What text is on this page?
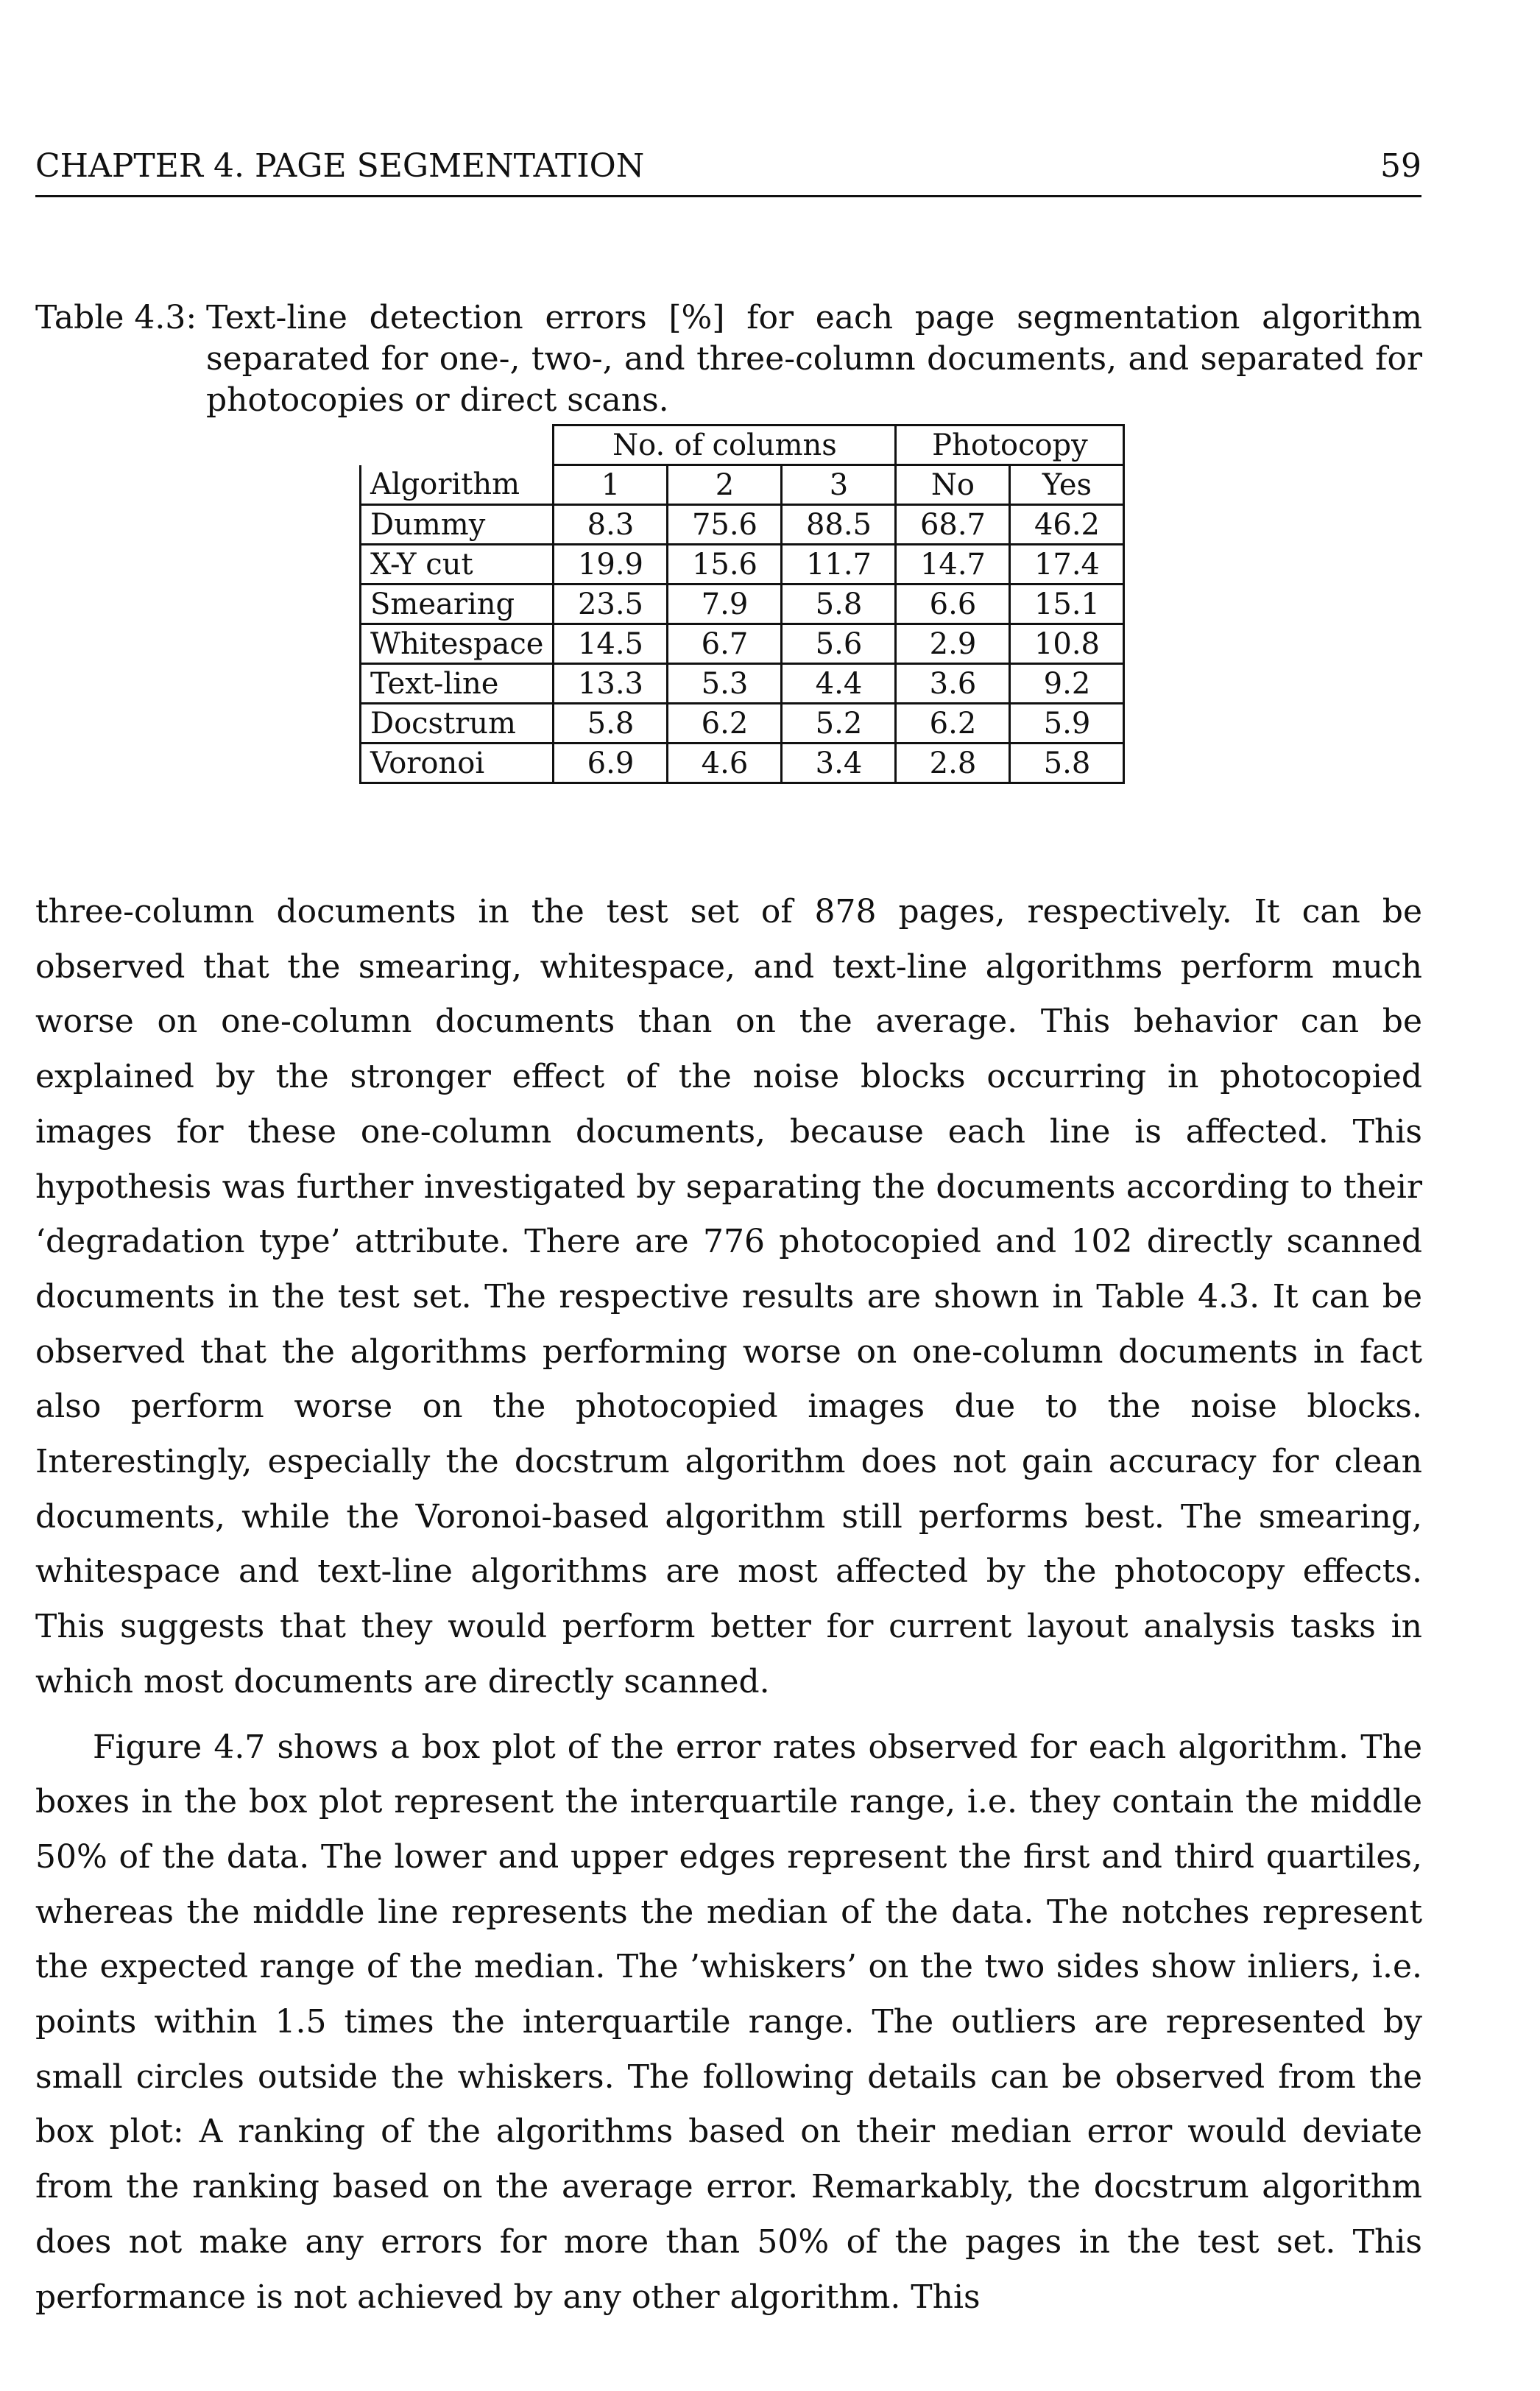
CHAPTER 4. PAGE SEGMENTATION	59
Table 4.3: Text-line detection errors [%] for each page segmentation algorithm separated for one-, two-, and three-column documents, and separated for photocopies or direct scans.
	No. of columns			Photocopy	
Algorithm	1	2	3	No	Yes
Dummy	8.3	75.6	88.5	68.7	46.2
X-Y cut	19.9	15.6	11.7	14.7	17.4
Smearing	23.5	7.9	5.8	6.6	15.1
Whitespace	14.5	6.7	5.6	2.9	10.8
Text-line	13.3	5.3	4.4	3.6	9.2
Docstrum	5.8	6.2	5.2	6.2	5.9
Voronoi	6.9	4.6	3.4	2.8	5.8

three-column documents in the test set of 878 pages, respectively. It can be observed that the smearing, whitespace, and text-line algorithms perform much worse on one-column documents than on the average. This behavior can be explained by the stronger effect of the noise blocks occurring in photocopied images for these one-column documents, because each line is affected. This hypothesis was further investigated by separating the documents according to their ‘degradation type’ attribute. There are 776 photocopied and 102 directly scanned documents in the test set. The respective results are shown in Table 4.3. It can be observed that the algorithms performing worse on one-column documents in fact also perform worse on the photocopied images due to the noise blocks. Interestingly, especially the docstrum algorithm does not gain accuracy for clean documents, while the Voronoi-based algorithm still performs best. The smearing, whitespace and text-line algorithms are most affected by the photocopy effects. This suggests that they would perform better for current layout analysis tasks in which most documents are directly scanned.

Figure 4.7 shows a box plot of the error rates observed for each algorithm. The boxes in the box plot represent the interquartile range, i.e. they contain the middle 50% of the data. The lower and upper edges represent the first and third quartiles, whereas the middle line represents the median of the data. The notches represent the expected range of the median. The ’whiskers’ on the two sides show inliers, i.e. points within 1.5 times the interquartile range. The outliers are represented by small circles outside the whiskers. The following details can be observed from the box plot: A ranking of the algorithms based on their median error would deviate from the ranking based on the average error. Remarkably, the docstrum algorithm does not make any errors for more than 50% of the pages in the test set. This performance is not achieved by any other algorithm. This
